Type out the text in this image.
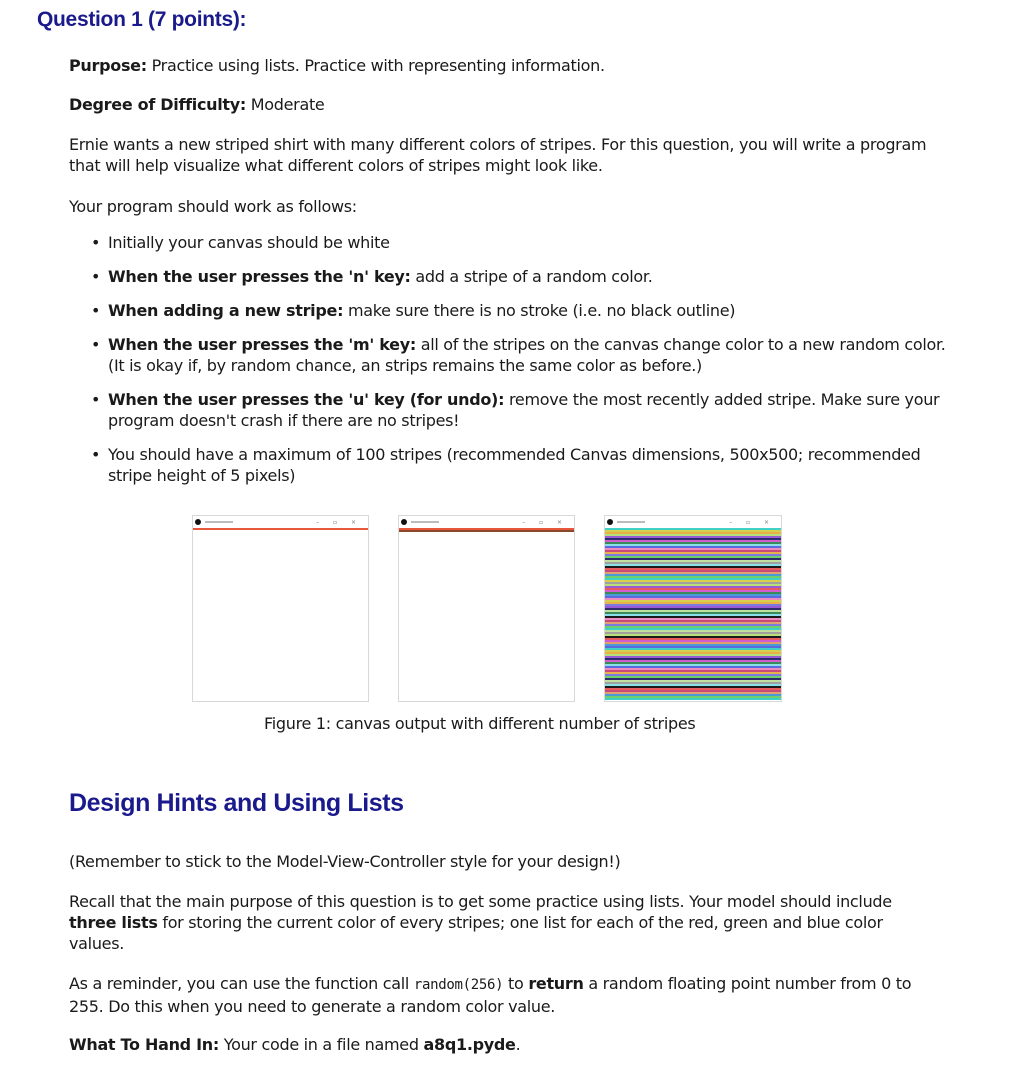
Question 1 (7 points):

Purpose: Practice using lists. Practice with representing information.

Degree of Difficulty: Moderate

Ernie wants a new striped shirt with many different colors of stripes. For this question, you will write a program that will help visualize what different colors of stripes might look like.

Your program should work as follows:

• Initially your canvas should be white
• When the user presses the 'n' key: add a stripe of a random color.
• When adding a new stripe: make sure there is no stroke (i.e. no black outline)
• When the user presses the 'm' key: all of the stripes on the canvas change color to a new random color. (It is okay if, by random chance, an strips remains the same color as before.)
• When the user presses the 'u' key (for undo): remove the most recently added stripe. Make sure your program doesn't crash if there are no stripes!
• You should have a maximum of 100 stripes (recommended Canvas dimensions, 500x500; recommended stripe height of 5 pixels)
– ▫ ×	– ▫ ×	– ▫ ×

Figure 1: canvas output with different number of stripes

Design Hints and Using Lists

(Remember to stick to the Model-View-Controller style for your design!)

Recall that the main purpose of this question is to get some practice using lists. Your model should include three lists for storing the current color of every stripes; one list for each of the red, green and blue color values.

As a reminder, you can use the function call random(256) to return a random floating point number from 0 to 255. Do this when you need to generate a random color value.

What To Hand In: Your code in a file named a8q1.pyde.
